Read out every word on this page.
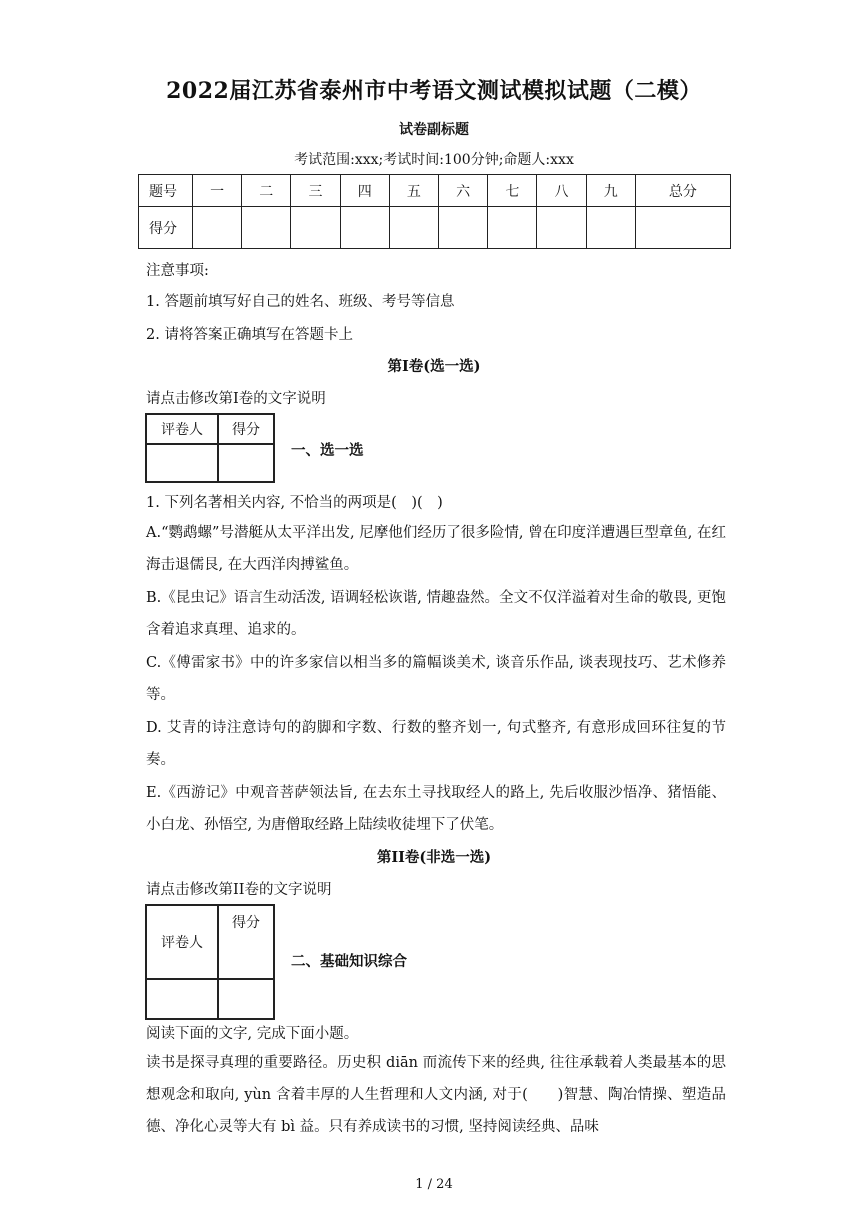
2022届江苏省泰州市中考语文测试模拟试题（二模）
试卷副标题
考试范围:xxx;考试时间:100分钟;命题人:xxx
题号	一	二	三	四	五	六	七	八	九	总分
得分										
注意事项:
1. 答题前填写好自己的姓名、班级、考号等信息
2. 请将答案正确填写在答题卡上
第I卷(选一选)
请点击修改第I卷的文字说明
评卷人	得分

一、选一选
1. 下列名著相关内容, 不恰当的两项是(　)(　)
A.“鹦鹉螺”号潜艇从太平洋出发, 尼摩他们经历了很多险情, 曾在印度洋遭遇巨型章鱼, 在红海击退儒艮, 在大西洋肉搏鲨鱼。
B.《昆虫记》语言生动活泼, 语调轻松诙谐, 情趣盎然。全文不仅洋溢着对生命的敬畏, 更饱含着追求真理、追求的。
C.《傅雷家书》中的许多家信以相当多的篇幅谈美术, 谈音乐作品, 谈表现技巧、艺术修养等。
D. 艾青的诗注意诗句的韵脚和字数、行数的整齐划一, 句式整齐, 有意形成回环往复的节奏。
E.《西游记》中观音菩萨领法旨, 在去东土寻找取经人的路上, 先后收服沙悟净、猪悟能、小白龙、孙悟空, 为唐僧取经路上陆续收徒埋下了伏笔。
第II卷(非选一选)
请点击修改第II卷的文字说明
评卷人	得分

二、基础知识综合
阅读下面的文字, 完成下面小题。
读书是探寻真理的重要路径。历史积 diān 而流传下来的经典, 往往承载着人类最基本的思想观念和取向, yùn 含着丰厚的人生哲理和人文内涵, 对于(　　)智慧、陶冶情操、塑造品德、净化心灵等大有 bì 益。只有养成读书的习惯, 坚持阅读经典、品味
1 / 24
